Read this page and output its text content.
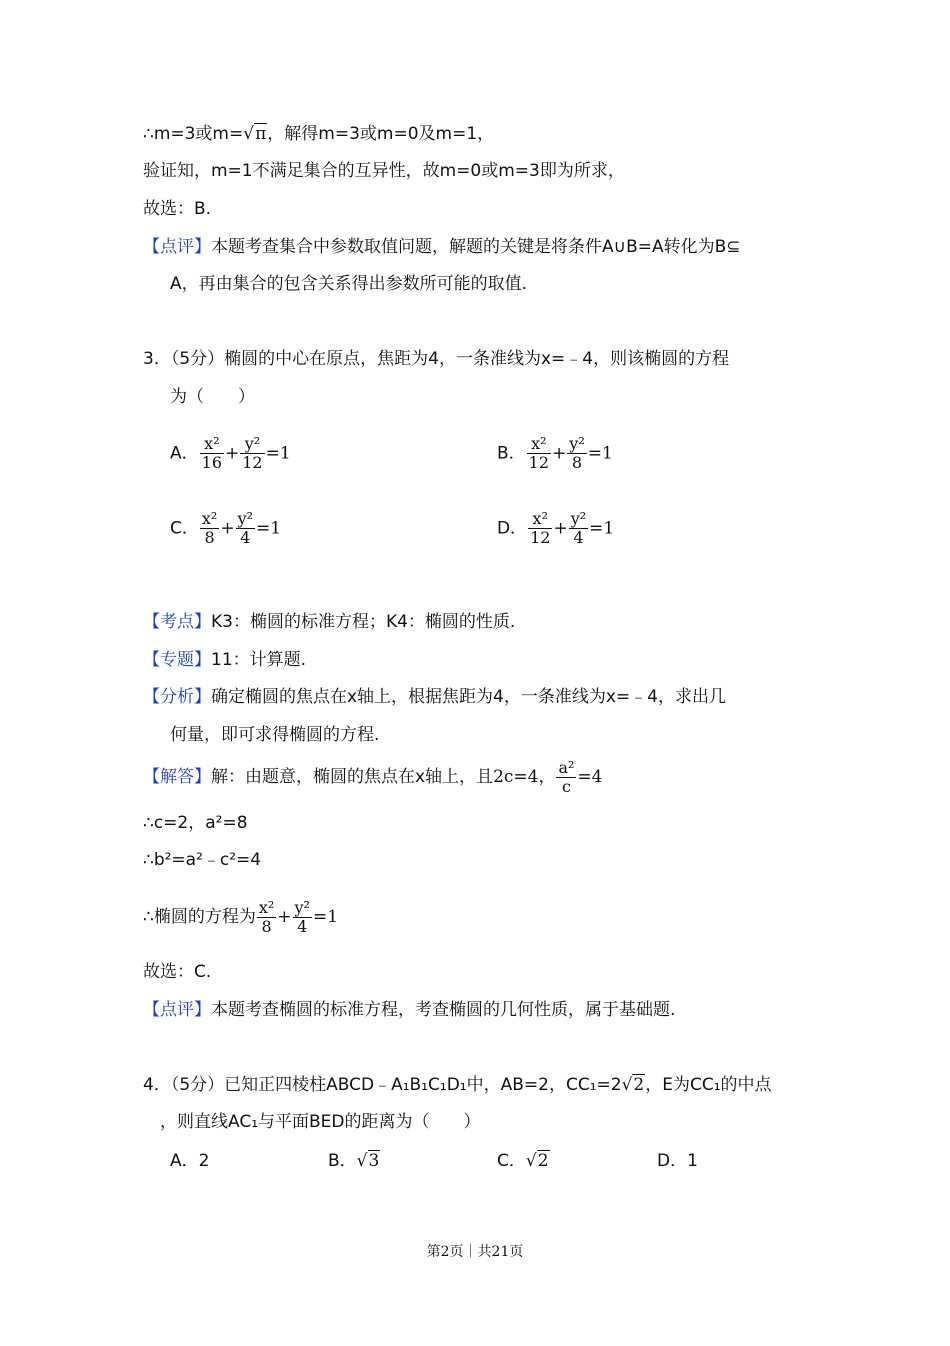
∴m=3或m=√π，解得m=3或m=0及m=1，
验证知，m=1不满足集合的互异性，故m=0或m=3即为所求，
故选：B.
【点评】本题考查集合中参数取值问题，解题的关键是将条件A∪B=A转化为B⊆
A，再由集合的包含关系得出参数所可能的取值.
3．（5分）椭圆的中心在原点，焦距为4，一条准线为x=﹣4，则该椭圆的方程
为（　　）
A． $\frac{\text{x²}}{16} + \frac{\text{y²}}{12} =1$	B． $\frac{\text{x²}}{12} + \frac{\text{y²}}{8} =1$
C． $\frac{\text{x²}}{8} + \frac{\text{y²}}{4} =1$	D． $\frac{\text{x²}}{12} + \frac{\text{y²}}{4} =1$
【考点】K3：椭圆的标准方程；K4：椭圆的性质.
【专题】11：计算题.
【分析】确定椭圆的焦点在x轴上，根据焦距为4，一条准线为x=﹣4，求出几
何量，即可求得椭圆的方程.
【解答】解：由题意，椭圆的焦点在x轴上，且2c=4， $\frac{\text{a²}}{c} =4$
∴c=2，a²=8
∴b²=a²﹣c²=4
∴椭圆的方程为 $\frac{\text{x²}}{8} + \frac{\text{y²}}{4} =1$
故选：C.
【点评】本题考查椭圆的标准方程，考查椭圆的几何性质，属于基础题.
4．（5分）已知正四棱柱ABCD﹣A₁B₁C₁D₁中，AB=2，CC₁=2√2，E为CC₁的中点
，则直线AC₁与平面BED的距离为（　　）
A．2	B．√3	C．√2	D．1
第2页｜共21页
